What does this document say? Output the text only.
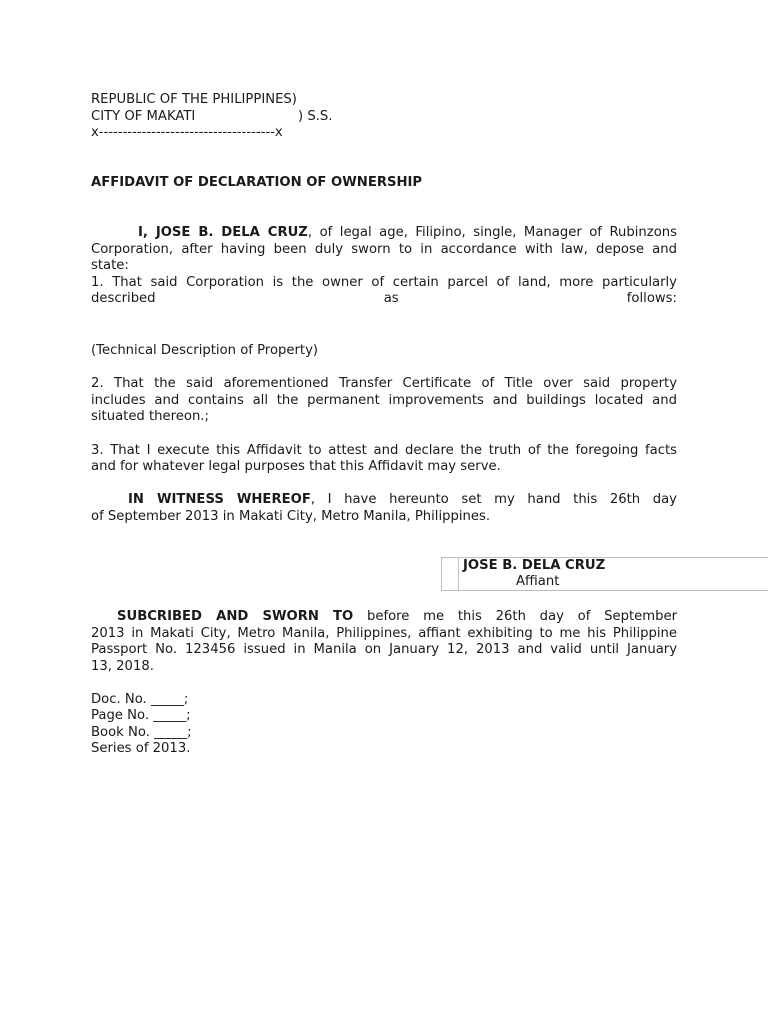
REPUBLIC OF THE PHILIPPINES)
CITY OF MAKATI	) S.S.
x-------------------------------------x
AFFIDAVIT OF DECLARATION OF OWNERSHIP
I, JOSE B. DELA CRUZ, of legal age, Filipino, single, Manager of Rubinzons
Corporation, after having been duly sworn to in accordance with law, depose and
state:
1. That said Corporation is the owner of certain parcel of land, more particularly
described as follows:
(Technical Description of Property)
2. That the said aforementioned Transfer Certificate of Title over said property
includes and contains all the permanent improvements and buildings located and
situated thereon.;
3. That I execute this Affidavit to attest and declare the truth of the foregoing facts
and for whatever legal purposes that this Affidavit may serve.
IN WITNESS WHEREOF, I have hereunto set my hand this 26th day
of September 2013 in Makati City, Metro Manila, Philippines.
JOSE B. DELA CRUZ
Affiant
SUBCRIBED AND SWORN TO before me this 26th day of September
2013 in Makati City, Metro Manila, Philippines, affiant exhibiting to me his Philippine
Passport No. 123456 issued in Manila on January 12, 2013 and valid until January
13, 2018.
Doc. No. _____;
Page No. _____;
Book No. _____;
Series of 2013.
